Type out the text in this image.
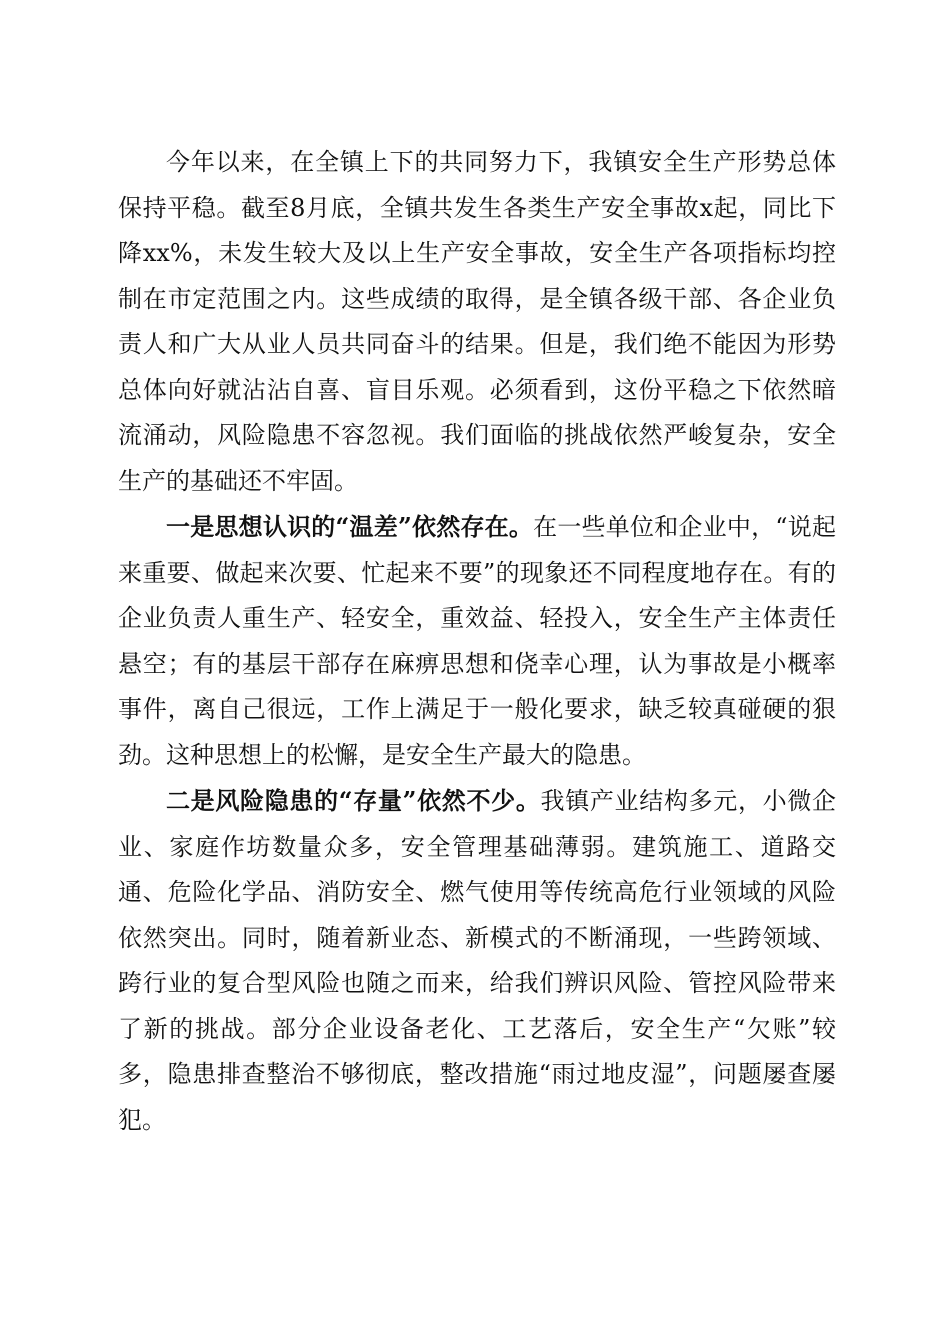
今年以来，在全镇上下的共同努力下，我镇安全生产形势总体保持平稳。截至8月底，全镇共发生各类生产安全事故x起，同比下降xx%，未发生较大及以上生产安全事故，安全生产各项指标均控制在市定范围之内。这些成绩的取得，是全镇各级干部、各企业负责人和广大从业人员共同奋斗的结果。但是，我们绝不能因为形势总体向好就沾沾自喜、盲目乐观。必须看到，这份平稳之下依然暗流涌动，风险隐患不容忽视。我们面临的挑战依然严峻复杂，安全生产的基础还不牢固。

一是思想认识的“温差”依然存在。在一些单位和企业中，“说起来重要、做起来次要、忙起来不要”的现象还不同程度地存在。有的企业负责人重生产、轻安全，重效益、轻投入，安全生产主体责任悬空；有的基层干部存在麻痹思想和侥幸心理，认为事故是小概率事件，离自己很远，工作上满足于一般化要求，缺乏较真碰硬的狠劲。这种思想上的松懈，是安全生产最大的隐患。

二是风险隐患的“存量”依然不少。我镇产业结构多元，小微企业、家庭作坊数量众多，安全管理基础薄弱。建筑施工、道路交通、危险化学品、消防安全、燃气使用等传统高危行业领域的风险依然突出。同时，随着新业态、新模式的不断涌现，一些跨领域、跨行业的复合型风险也随之而来，给我们辨识风险、管控风险带来了新的挑战。部分企业设备老化、工艺落后，安全生产“欠账”较多，隐患排查整治不够彻底，整改措施“雨过地皮湿”，问题屡查屡犯。
